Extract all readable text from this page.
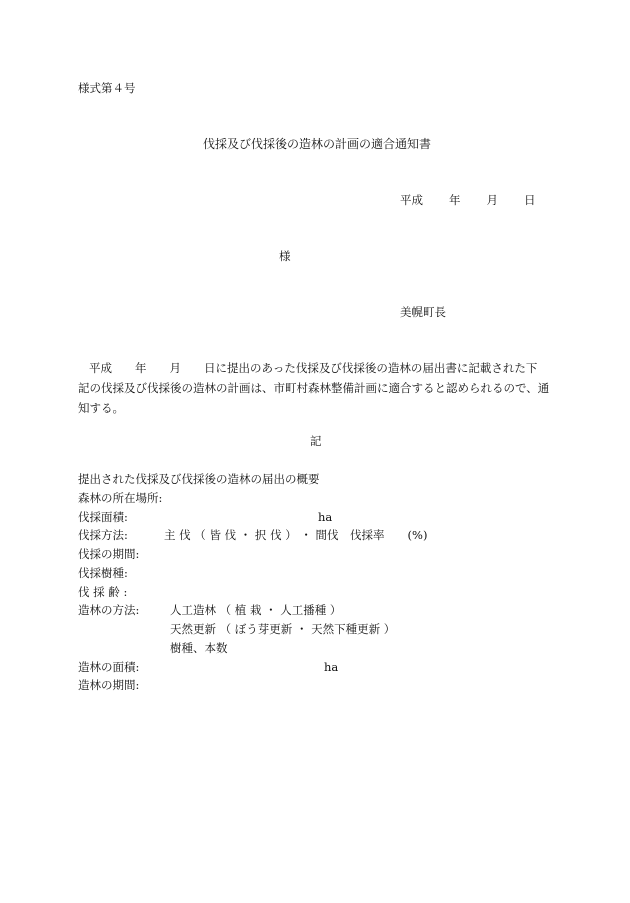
様式第４号
伐採及び伐採後の造林の計画の適合通知書
平成 年 月 日
様
美幌町長
平成　　年　　月　　日に提出のあった伐採及び伐採後の造林の届出書に記載された下
記の伐採及び伐採後の造林の計画は、市町村森林整備計画に適合すると認められるので、通
知する。
記
提出された伐採及び伐採後の造林の届出の概要
森林の所在場所:
伐採面積:	ha
伐採方法:	主 伐 （ 皆 伐 ・ 択 伐 ） ・ 間伐　伐採率　　(%)
伐採の期間:
伐採樹種:
伐 採 齢 :
造林の方法:	人工造林 （ 植 栽 ・ 人工播種 ）
天然更新 （ ぼう芽更新 ・ 天然下種更新 ）
樹種、本数
造林の面積:	ha
造林の期間:
